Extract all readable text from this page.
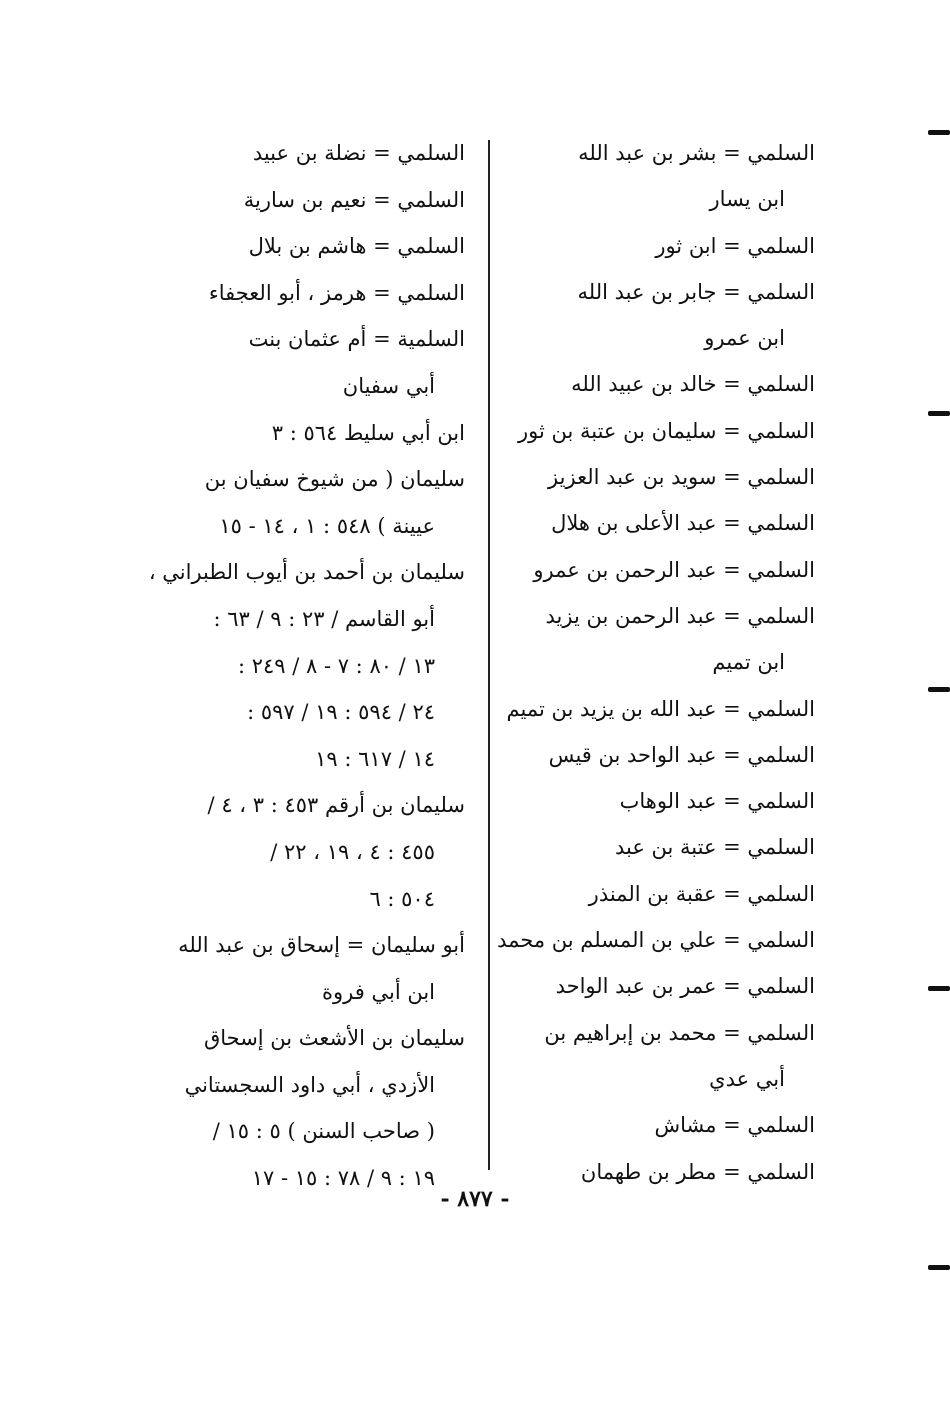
السلمي = بشر بن عبد الله
ابن يسار
السلمي = ابن ثور
السلمي = جابر بن عبد الله
ابن عمرو
السلمي = خالد بن عبيد الله
السلمي = سليمان بن عتبة بن ثور
السلمي = سويد بن عبد العزيز
السلمي = عبد الأعلى بن هلال
السلمي = عبد الرحمن بن عمرو
السلمي = عبد الرحمن بن يزيد
ابن تميم
السلمي = عبد الله بن يزيد بن تميم
السلمي = عبد الواحد بن قيس
السلمي = عبد الوهاب
السلمي = عتبة بن عبد
السلمي = عقبة بن المنذر
السلمي = علي بن المسلم بن محمد
السلمي = عمر بن عبد الواحد
السلمي = محمد بن إبراهيم بن
أبي عدي
السلمي = مشاش
السلمي = مطر بن طهمان
السلمي = نضلة بن عبيد
السلمي = نعيم بن سارية
السلمي = هاشم بن بلال
السلمي = هرمز ، أبو العجفاء
السلمية = أم عثمان بنت
أبي سفيان
ابن أبي سليط ٥٦٤ : ٣
سليمان ( من شيوخ سفيان بن
عيينة ) ٥٤٨ : ١ ، ١٤ - ١٥
سليمان بن أحمد بن أيوب الطبراني ،
أبو القاسم / ٢٣ : ٩ / ٦٣ :
١٣ / ٨٠ : ٧ - ٨ / ٢٤٩ :
٢٤ / ٥٩٤ : ١٩ / ٥٩٧ :
١٤ / ٦١٧ : ١٩
سليمان بن أرقم ٤٥٣ : ٣ ، ٤ /
٤٥٥ : ٤ ، ١٩ ، ٢٢ /
٥٠٤ : ٦
أبو سليمان = إسحاق بن عبد الله
ابن أبي فروة
سليمان بن الأشعث بن إسحاق
الأزدي ، أبي داود السجستاني
( صاحب السنن ) ٥ : ١٥ /
١٩ : ٩ / ٧٨ : ١٥ - ١٧
- ٨٧٧ -
